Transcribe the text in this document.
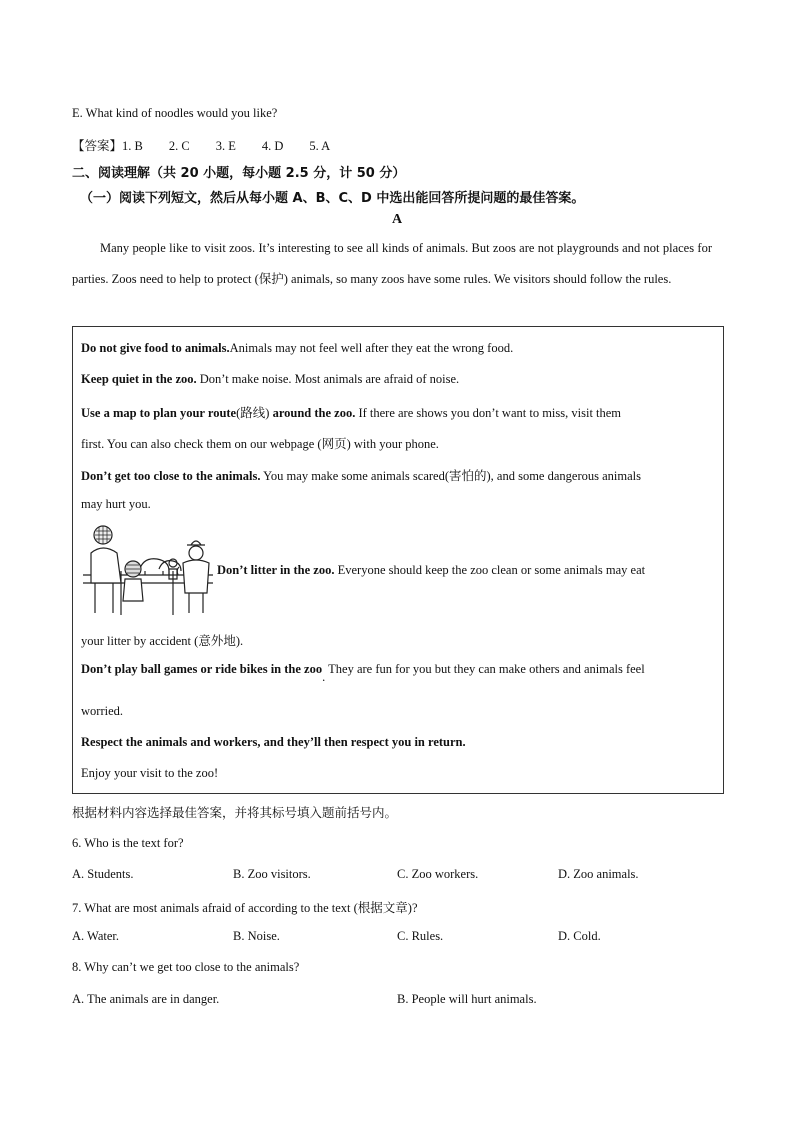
E. What kind of noodles would you like?
【答案】1. B 2. C 3. E 4. D 5. A
二、阅读理解（共 20 小题，每小题 2.5 分，计 50 分）
（一）阅读下列短文，然后从每小题 A、B、C、D 中选出能回答所提问题的最佳答案。
A
Many people like to visit zoos. It’s interesting to see all kinds of animals. But zoos are not playgrounds and not places for parties. Zoos need to help to protect (保护) animals, so many zoos have some rules. We visitors should follow the rules.
Do not give food to animals.Animals may not feel well after they eat the wrong food.
Keep quiet in the zoo. Don’t make noise. Most animals are afraid of noise.
Use a map to plan your route(路线) around the zoo. If there are shows you don’t want to miss, visit them
first. You can also check them on our webpage (网页) with your phone.
Don’t get too close to the animals. You may make some animals scared(害怕的), and some dangerous animals
may hurt you.
Don’t litter in the zoo. Everyone should keep the zoo clean or some animals may eat
your litter by accident (意外地).
Don’t play ball games or ride bikes in the zoo. They are fun for you but they can make others and animals feel
worried.
Respect the animals and workers, and they’ll then respect you in return.
Enjoy your visit to the zoo!
根据材料内容选择最佳答案，并将其标号填入题前括号内。
6. Who is the text for?
A. Students.	B. Zoo visitors.	C. Zoo workers.	D. Zoo animals.
7. What are most animals afraid of according to the text (根据文章)?
A. Water.	B. Noise.	C. Rules.	D. Cold.
8. Why can’t we get too close to the animals?
A. The animals are in danger.	B. People will hurt animals.
